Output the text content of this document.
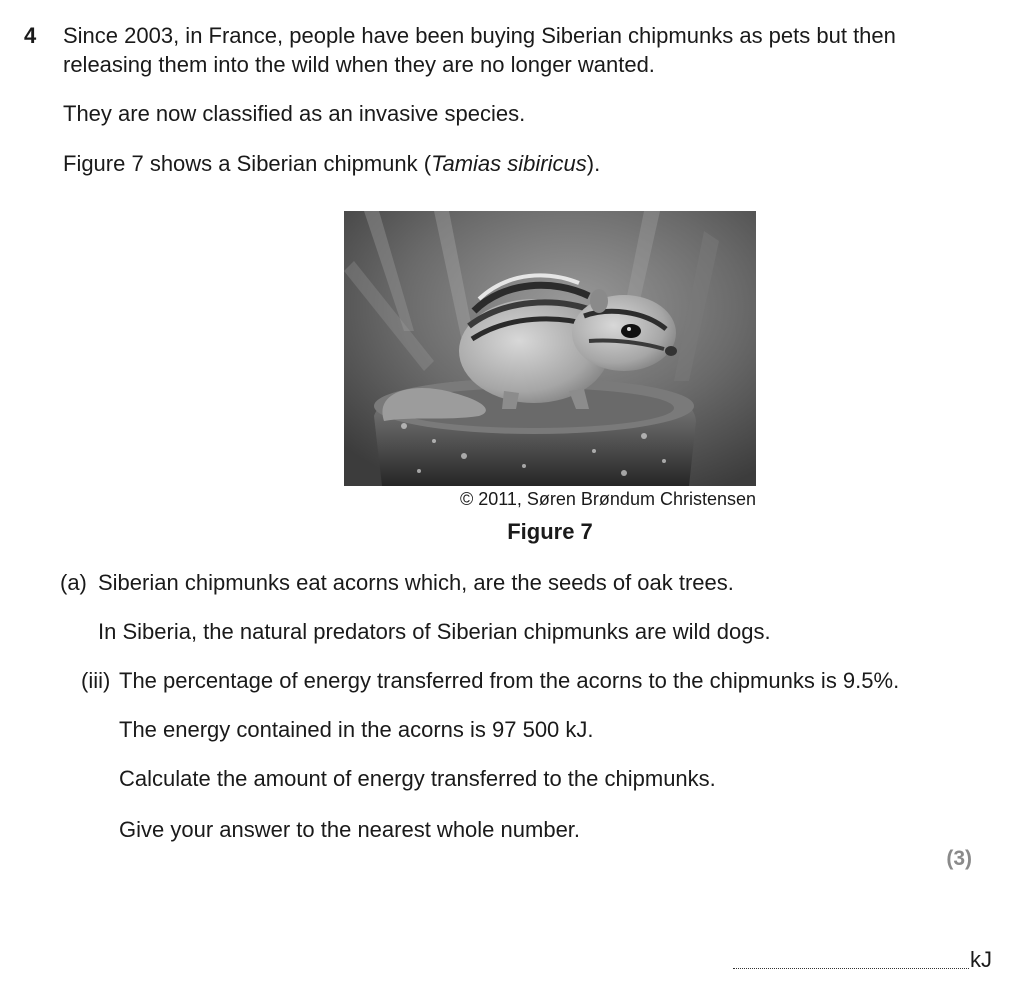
4 Since 2003, in France, people have been buying Siberian chipmunks as pets but then

releasing them into the wild when they are no longer wanted.

They are now classified as an invasive species.

Figure 7 shows a Siberian chipmunk (Tamias sibiricus).

© 2011, Søren Brøndum Christensen
Figure 7

(a) Siberian chipmunks eat acorns which, are the seeds of oak trees.

In Siberia, the natural predators of Siberian chipmunks are wild dogs.

(iii) The percentage of energy transferred from the acorns to the chipmunks is 9.5%.

The energy contained in the acorns is 97 500 kJ.

Calculate the amount of energy transferred to the chipmunks.

Give your answer to the nearest whole number.

(3)
kJ
